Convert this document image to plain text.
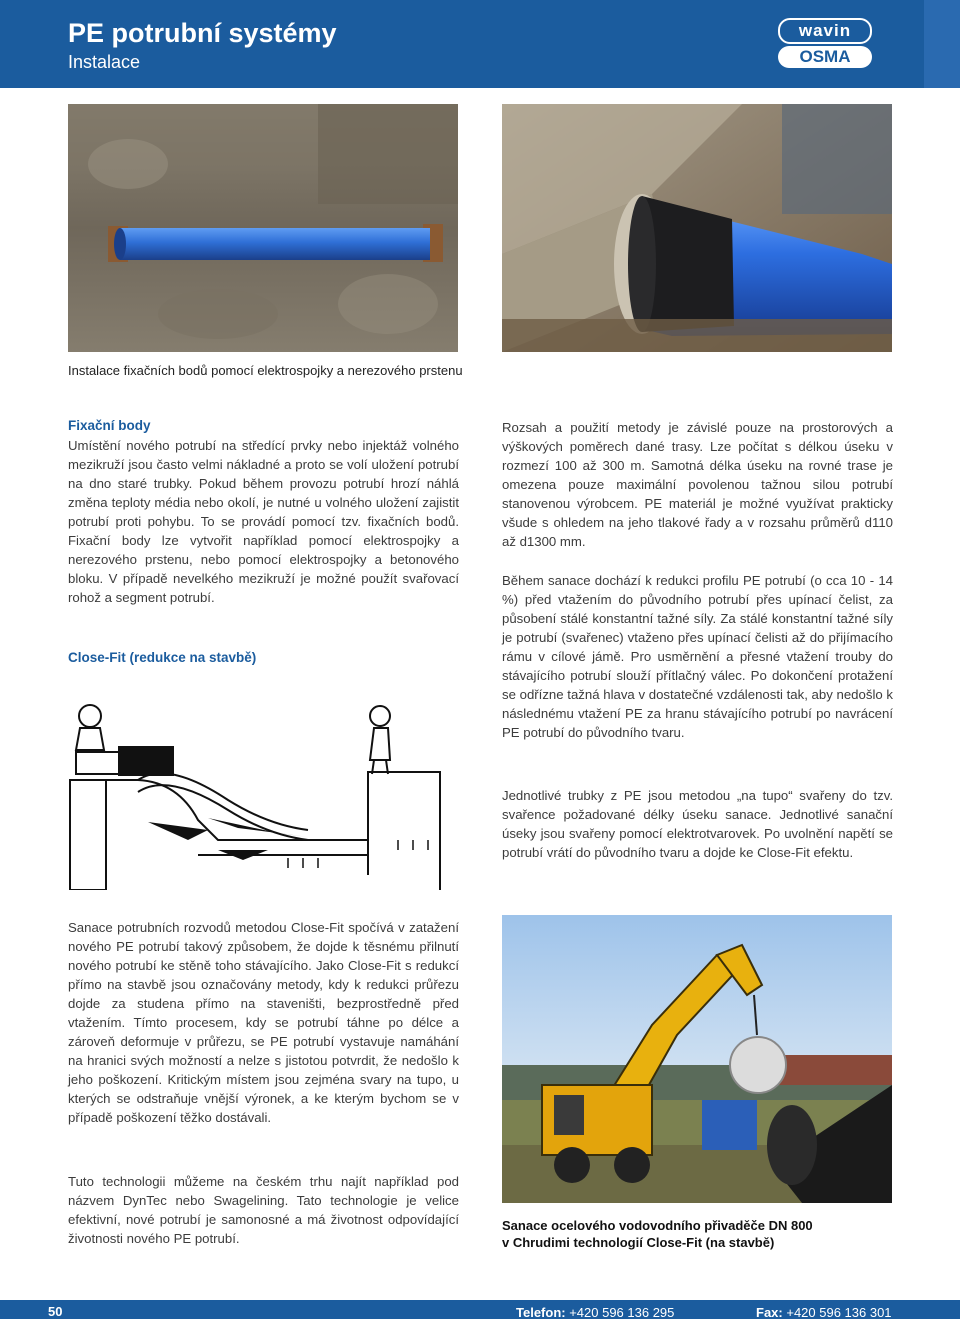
PE potrubní systémy
Instalace
wavin
OSMA
Instalace fixačních bodů pomocí elektrospojky a nerezového prstenu
Fixační body
Umístění nového potrubí na středící prvky nebo injektáž volného mezikruží jsou často velmi nákladné a proto se volí uložení potrubí na dno staré trubky. Pokud během provozu potrubí hrozí náhlá změna teploty média nebo okolí, je nutné u volného uložení zajistit potrubí proti pohybu. To se provádí pomocí tzv. fixačních bodů. Fixační body lze vytvořit například pomocí elektrospojky a nerezového prstenu, nebo pomocí elektrospojky a betonového bloku. V případě nevelkého mezikruží je možné použít svařovací rohož a segment potrubí.
Close-Fit (redukce na stavbě)
Rozsah a použití metody je závislé pouze na prostorových a výškových poměrech dané trasy. Lze počítat s délkou úseku v rozmezí 100 až 300 m. Samotná délka úseku na rovné trase je omezena pouze maximální povolenou tažnou silou potrubí stanovenou výrobcem. PE materiál je možné využívat prakticky všude s ohledem na jeho tlakové řady a v rozsahu průměrů d110 až d1300 mm.
Během sanace dochází k redukci profilu PE potrubí (o cca 10 - 14 %) před vtažením do původního potrubí přes upínací čelist, za působení stálé konstantní tažné síly. Za stálé konstantní tažné síly je potrubí (svařenec) vtaženo přes upínací čelisti až do přijímacího rámu v cílové jámě. Pro usměrnění a přesné vtažení trouby do stávajícího potrubí slouží přítlačný válec. Po dokončení protažení se odřízne tažná hlava v dostatečné vzdálenosti tak, aby nedošlo k následnému vtažení PE za hranu stávajícího potrubí po navrácení PE potrubí do původního tvaru.
Jednotlivé trubky z PE jsou metodou „na tupo“ svařeny do tzv. svařence požadované délky úseku sanace. Jednotlivé sanační úseky jsou svařeny pomocí elektrotvarovek. Po uvolnění napětí se potrubí vrátí do původního tvaru a dojde ke Close-Fit efektu.
Sanace potrubních rozvodů metodou Close-Fit spočívá v zatažení nového PE potrubí takový způsobem, že dojde k těsnému přilnutí nového potrubí ke stěně toho stávajícího. Jako Close-Fit s redukcí přímo na stavbě jsou označovány metody, kdy k redukci průřezu dojde za studena přímo na staveništi, bezprostředně před vtažením. Tímto procesem, kdy se potrubí táhne po délce a zároveň deformuje v průřezu, se PE potrubí vystavuje namáhání na hranici svých možností a nelze s jistotou potvrdit, že nedošlo k jeho poškození. Kritickým místem jsou zejména svary na tupo, u kterých se odstraňuje vnější výronek, a ke kterým bychom se v případě poškození těžko dostávali.
Tuto technologii můžeme na českém trhu najít například pod názvem DynTec nebo Swagelining. Tato technologie je velice efektivní, nové potrubí je samonosné a má životnost odpovídající životnosti nového PE potrubí.
Sanace ocelového vodovodního přivaděče DN 800
v Chrudimi technologií Close-Fit (na stavbě)
50	Telefon: +420 596 136 295	Fax: +420 596 136 301
